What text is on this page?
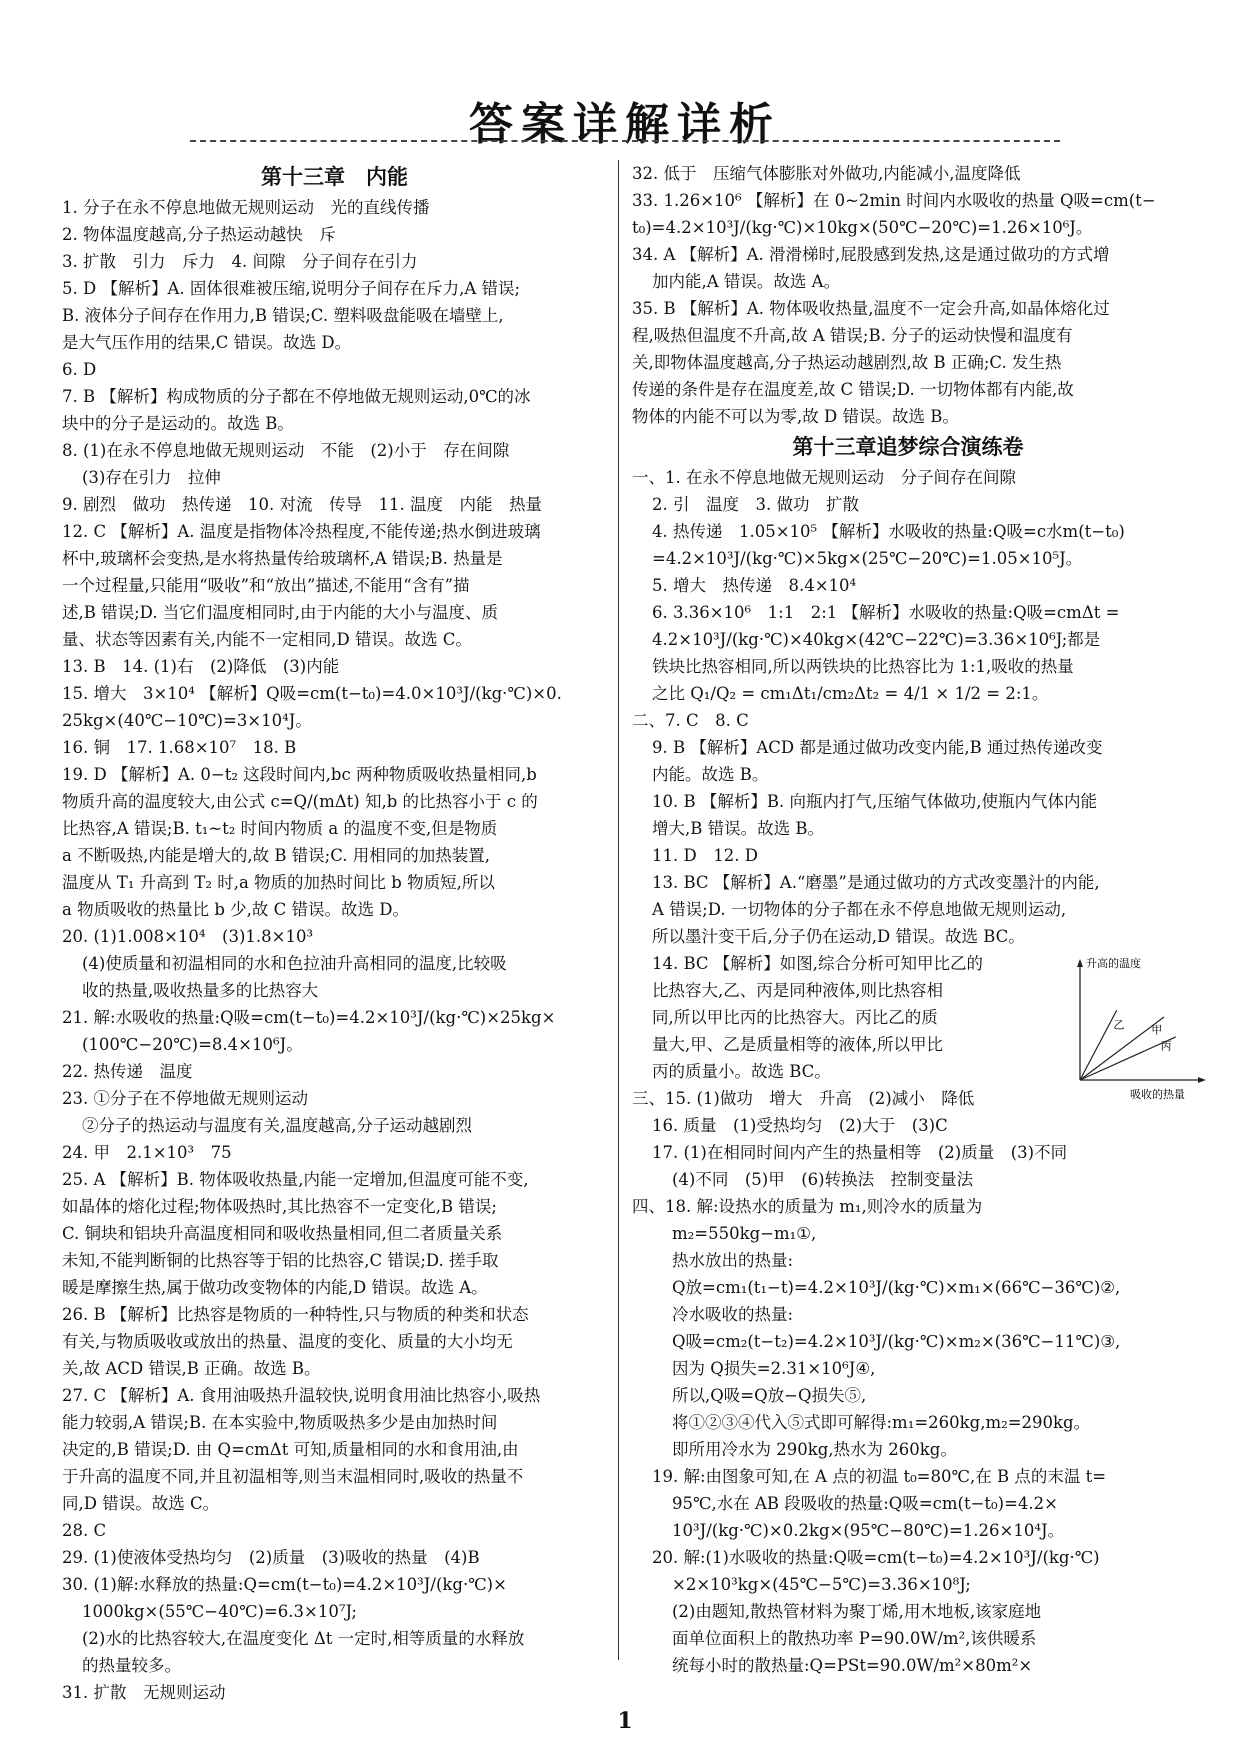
答案详解详析
第十三章　内能
1. 分子在永不停息地做无规则运动　光的直线传播
2. 物体温度越高,分子热运动越快　斥
3. 扩散　引力　斥力　4. 间隙　分子间存在引力
5. D 【解析】A. 固体很难被压缩,说明分子间存在斥力,A 错误;
B. 液体分子间存在作用力,B 错误;C. 塑料吸盘能吸在墙壁上,
是大气压作用的结果,C 错误。故选 D。
6. D
7. B 【解析】构成物质的分子都在不停地做无规则运动,0℃的冰
块中的分子是运动的。故选 B。
8. (1)在永不停息地做无规则运动　不能　(2)小于　存在间隙
(3)存在引力　拉伸
9. 剧烈　做功　热传递　10. 对流　传导　11. 温度　内能　热量
12. C 【解析】A. 温度是指物体冷热程度,不能传递;热水倒进玻璃
杯中,玻璃杯会变热,是水将热量传给玻璃杯,A 错误;B. 热量是
一个过程量,只能用“吸收”和“放出”描述,不能用“含有”描
述,B 错误;D. 当它们温度相同时,由于内能的大小与温度、质
量、状态等因素有关,内能不一定相同,D 错误。故选 C。
13. B　14. (1)右　(2)降低　(3)内能
15. 增大　3×10⁴ 【解析】Q吸=cm(t−t₀)=4.0×10³J/(kg·℃)×0.
25kg×(40℃−10℃)=3×10⁴J。
16. 铜　17. 1.68×10⁷　18. B
19. D 【解析】A. 0−t₂ 这段时间内,bc 两种物质吸收热量相同,b
物质升高的温度较大,由公式 c=Q/(mΔt) 知,b 的比热容小于 c 的
比热容,A 错误;B. t₁~t₂ 时间内物质 a 的温度不变,但是物质
a 不断吸热,内能是增大的,故 B 错误;C. 用相同的加热装置,
温度从 T₁ 升高到 T₂ 时,a 物质的加热时间比 b 物质短,所以
a 物质吸收的热量比 b 少,故 C 错误。故选 D。
20. (1)1.008×10⁴　(3)1.8×10³
(4)使质量和初温相同的水和色拉油升高相同的温度,比较吸
收的热量,吸收热量多的比热容大
21. 解:水吸收的热量:Q吸=cm(t−t₀)=4.2×10³J/(kg·℃)×25kg×
(100℃−20℃)=8.4×10⁶J。
22. 热传递　温度
23. ①分子在不停地做无规则运动
②分子的热运动与温度有关,温度越高,分子运动越剧烈
24. 甲　2.1×10³　75
25. A 【解析】B. 物体吸收热量,内能一定增加,但温度可能不变,
如晶体的熔化过程;物体吸热时,其比热容不一定变化,B 错误;
C. 铜块和铝块升高温度相同和吸收热量相同,但二者质量关系
未知,不能判断铜的比热容等于铝的比热容,C 错误;D. 搓手取
暖是摩擦生热,属于做功改变物体的内能,D 错误。故选 A。
26. B 【解析】比热容是物质的一种特性,只与物质的种类和状态
有关,与物质吸收或放出的热量、温度的变化、质量的大小均无
关,故 ACD 错误,B 正确。故选 B。
27. C 【解析】A. 食用油吸热升温较快,说明食用油比热容小,吸热
能力较弱,A 错误;B. 在本实验中,物质吸热多少是由加热时间
决定的,B 错误;D. 由 Q=cmΔt 可知,质量相同的水和食用油,由
于升高的温度不同,并且初温相等,则当末温相同时,吸收的热量不
同,D 错误。故选 C。
28. C
29. (1)使液体受热均匀　(2)质量　(3)吸收的热量　(4)B
30. (1)解:水释放的热量:Q=cm(t−t₀)=4.2×10³J/(kg·℃)×
1000kg×(55℃−40℃)=6.3×10⁷J;
(2)水的比热容较大,在温度变化 Δt 一定时,相等质量的水释放
的热量较多。
31. 扩散　无规则运动
32. 低于　压缩气体膨胀对外做功,内能减小,温度降低
33. 1.26×10⁶ 【解析】在 0~2min 时间内水吸收的热量 Q吸=cm(t−
t₀)=4.2×10³J/(kg·℃)×10kg×(50℃−20℃)=1.26×10⁶J。
34. A 【解析】A. 滑滑梯时,屁股感到发热,这是通过做功的方式增
加内能,A 错误。故选 A。
35. B 【解析】A. 物体吸收热量,温度不一定会升高,如晶体熔化过
程,吸热但温度不升高,故 A 错误;B. 分子的运动快慢和温度有
关,即物体温度越高,分子热运动越剧烈,故 B 正确;C. 发生热
传递的条件是存在温度差,故 C 错误;D. 一切物体都有内能,故
物体的内能不可以为零,故 D 错误。故选 B。
第十三章追梦综合演练卷
一、1. 在永不停息地做无规则运动　分子间存在间隙
2. 引　温度　3. 做功　扩散
4. 热传递　1.05×10⁵ 【解析】水吸收的热量:Q吸=c水m(t−t₀)
=4.2×10³J/(kg·℃)×5kg×(25℃−20℃)=1.05×10⁵J。
5. 增大　热传递　8.4×10⁴
6. 3.36×10⁶　1:1　2:1 【解析】水吸收的热量:Q吸=cmΔt =
4.2×10³J/(kg·℃)×40kg×(42℃−22℃)=3.36×10⁶J;都是
铁块比热容相同,所以两铁块的比热容比为 1:1,吸收的热量
之比 Q₁/Q₂ = cm₁Δt₁/cm₂Δt₂ = 4/1 × 1/2 = 2:1。
二、7. C　8. C
9. B 【解析】ACD 都是通过做功改变内能,B 通过热传递改变
内能。故选 B。
10. B 【解析】B. 向瓶内打气,压缩气体做功,使瓶内气体内能
增大,B 错误。故选 B。
11. D　12. D
13. BC 【解析】A.“磨墨”是通过做功的方式改变墨汁的内能,
A 错误;D. 一切物体的分子都在永不停息地做无规则运动,
所以墨汁变干后,分子仍在运动,D 错误。故选 BC。
14. BC 【解析】如图,综合分析可知甲比乙的
比热容大,乙、丙是同种液体,则比热容相
同,所以甲比丙的比热容大。丙比乙的质
量大,甲、乙是质量相等的液体,所以甲比
丙的质量小。故选 BC。
三、15. (1)做功　增大　升高　(2)减小　降低
16. 质量　(1)受热均匀　(2)大于　(3)C
17. (1)在相同时间内产生的热量相等　(2)质量　(3)不同
(4)不同　(5)甲　(6)转换法　控制变量法
四、18. 解:设热水的质量为 m₁,则冷水的质量为
m₂=550kg−m₁①,
热水放出的热量:
Q放=cm₁(t₁−t)=4.2×10³J/(kg·℃)×m₁×(66℃−36℃)②,
冷水吸收的热量:
Q吸=cm₂(t−t₂)=4.2×10³J/(kg·℃)×m₂×(36℃−11℃)③,
因为 Q损失=2.31×10⁶J④,
所以,Q吸=Q放−Q损失⑤,
将①②③④代入⑤式即可解得:m₁=260kg,m₂=290kg。
即所用冷水为 290kg,热水为 260kg。
19. 解:由图象可知,在 A 点的初温 t₀=80℃,在 B 点的末温 t=
95℃,水在 AB 段吸收的热量:Q吸=cm(t−t₀)=4.2×
10³J/(kg·℃)×0.2kg×(95℃−80℃)=1.26×10⁴J。
20. 解:(1)水吸收的热量:Q吸=cm(t−t₀)=4.2×10³J/(kg·℃)
×2×10³kg×(45℃−5℃)=3.36×10⁸J;
(2)由题知,散热管材料为聚丁烯,用木地板,该家庭地
面单位面积上的散热功率 P=90.0W/m²,该供暖系
统每小时的散热量:Q=PSt=90.0W/m²×80m²×
升高的温度
吸收的热量
乙 甲
丙
1
